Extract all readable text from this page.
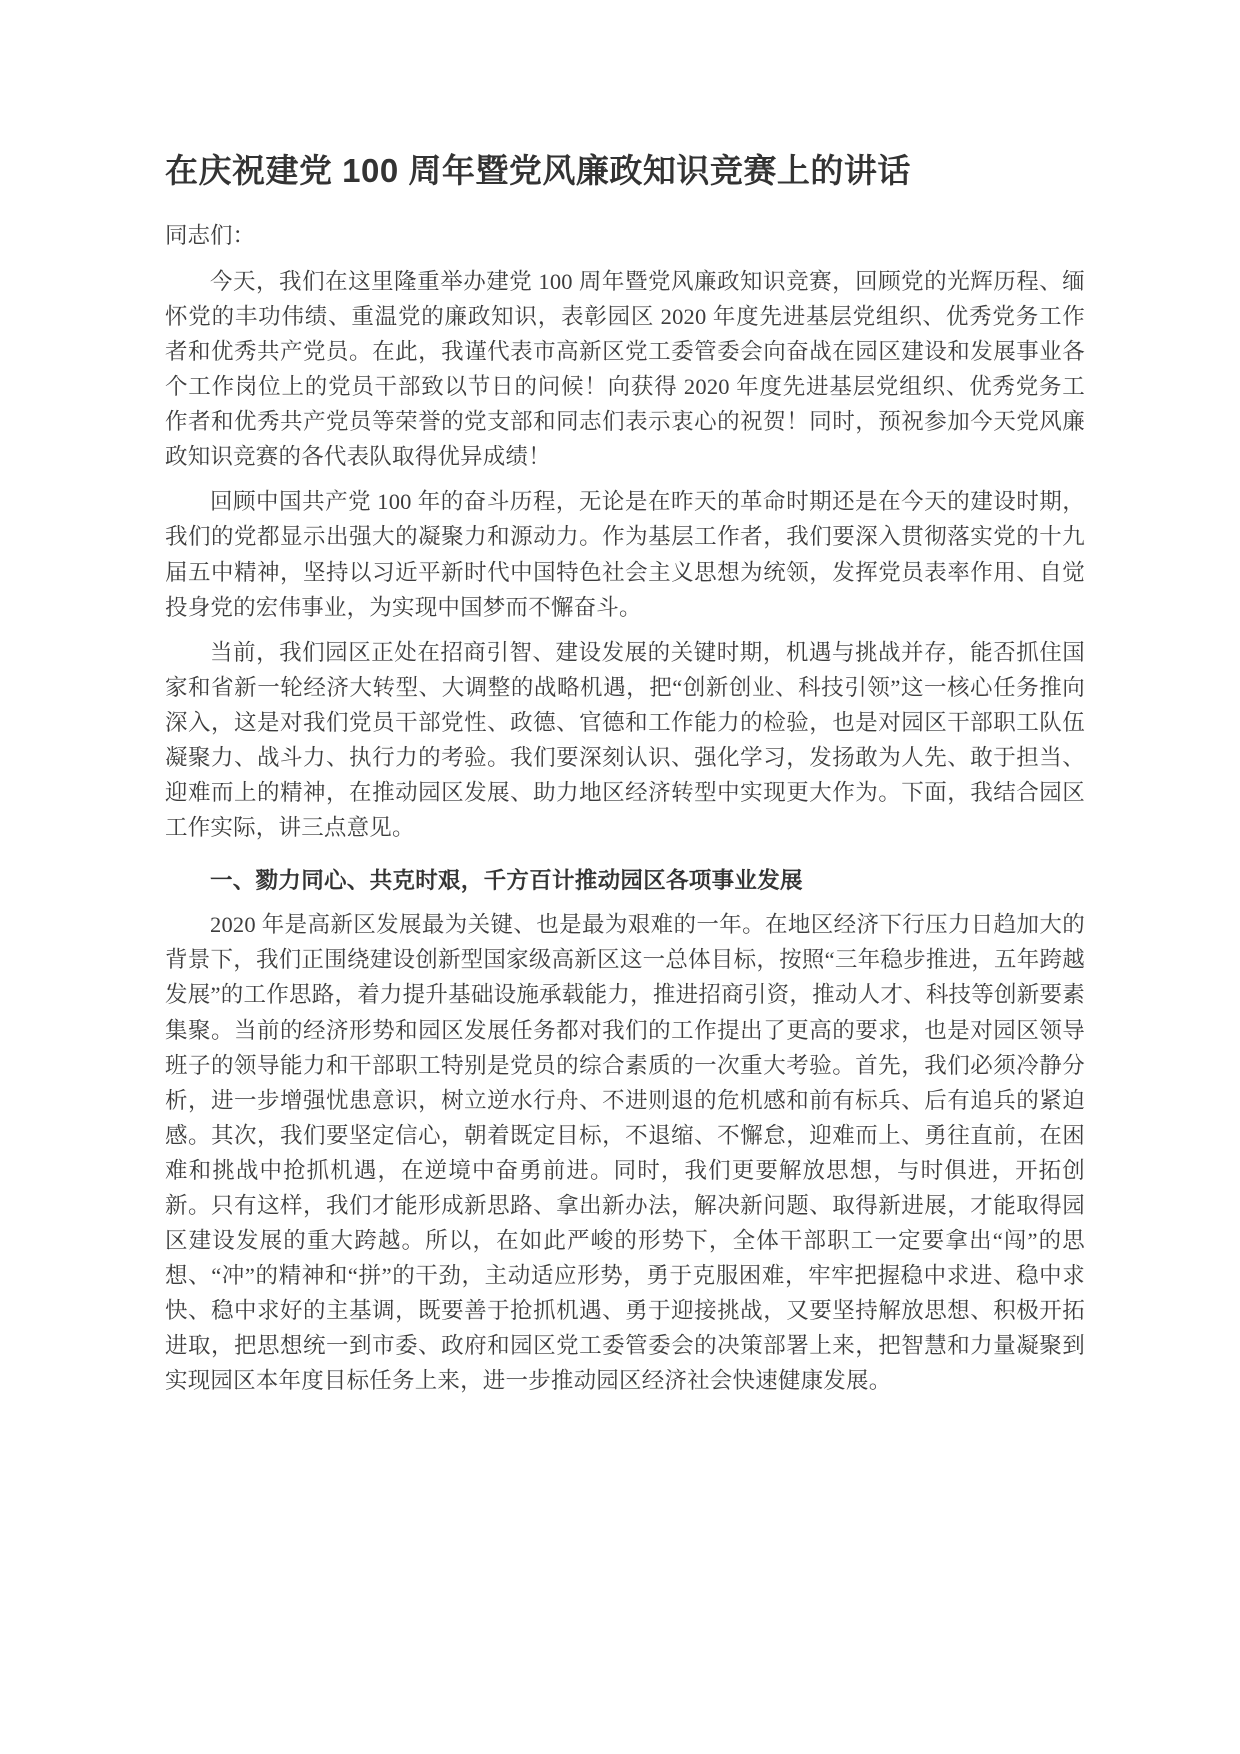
在庆祝建党 100 周年暨党风廉政知识竞赛上的讲话
同志们：

今天，我们在这里隆重举办建党 100 周年暨党风廉政知识竞赛，回顾党的光辉历程、缅怀党的丰功伟绩、重温党的廉政知识，表彰园区 2020 年度先进基层党组织、优秀党务工作者和优秀共产党员。在此，我谨代表市高新区党工委管委会向奋战在园区建设和发展事业各个工作岗位上的党员干部致以节日的问候！向获得 2020 年度先进基层党组织、优秀党务工作者和优秀共产党员等荣誉的党支部和同志们表示衷心的祝贺！同时，预祝参加今天党风廉政知识竞赛的各代表队取得优异成绩！

回顾中国共产党 100 年的奋斗历程，无论是在昨天的革命时期还是在今天的建设时期，我们的党都显示出强大的凝聚力和源动力。作为基层工作者，我们要深入贯彻落实党的十九届五中精神，坚持以习近平新时代中国特色社会主义思想为统领，发挥党员表率作用、自觉投身党的宏伟事业，为实现中国梦而不懈奋斗。

当前，我们园区正处在招商引智、建设发展的关键时期，机遇与挑战并存，能否抓住国家和省新一轮经济大转型、大调整的战略机遇，把“创新创业、科技引领”这一核心任务推向深入，这是对我们党员干部党性、政德、官德和工作能力的检验，也是对园区干部职工队伍凝聚力、战斗力、执行力的考验。我们要深刻认识、强化学习，发扬敢为人先、敢于担当、迎难而上的精神，在推动园区发展、助力地区经济转型中实现更大作为。下面，我结合园区工作实际，讲三点意见。

一、勠力同心、共克时艰，千方百计推动园区各项事业发展

2020 年是高新区发展最为关键、也是最为艰难的一年。在地区经济下行压力日趋加大的背景下，我们正围绕建设创新型国家级高新区这一总体目标，按照“三年稳步推进，五年跨越发展”的工作思路，着力提升基础设施承载能力，推进招商引资，推动人才、科技等创新要素集聚。当前的经济形势和园区发展任务都对我们的工作提出了更高的要求，也是对园区领导班子的领导能力和干部职工特别是党员的综合素质的一次重大考验。首先，我们必须冷静分析，进一步增强忧患意识，树立逆水行舟、不进则退的危机感和前有标兵、后有追兵的紧迫感。其次，我们要坚定信心，朝着既定目标，不退缩、不懈怠，迎难而上、勇往直前，在困难和挑战中抢抓机遇，在逆境中奋勇前进。同时，我们更要解放思想，与时俱进，开拓创新。只有这样，我们才能形成新思路、拿出新办法，解决新问题、取得新进展，才能取得园区建设发展的重大跨越。所以，在如此严峻的形势下，全体干部职工一定要拿出“闯”的思想、“冲”的精神和“拼”的干劲，主动适应形势，勇于克服困难，牢牢把握稳中求进、稳中求快、稳中求好的主基调，既要善于抢抓机遇、勇于迎接挑战，又要坚持解放思想、积极开拓进取，把思想统一到市委、政府和园区党工委管委会的决策部署上来，把智慧和力量凝聚到实现园区本年度目标任务上来，进一步推动园区经济社会快速健康发展。
